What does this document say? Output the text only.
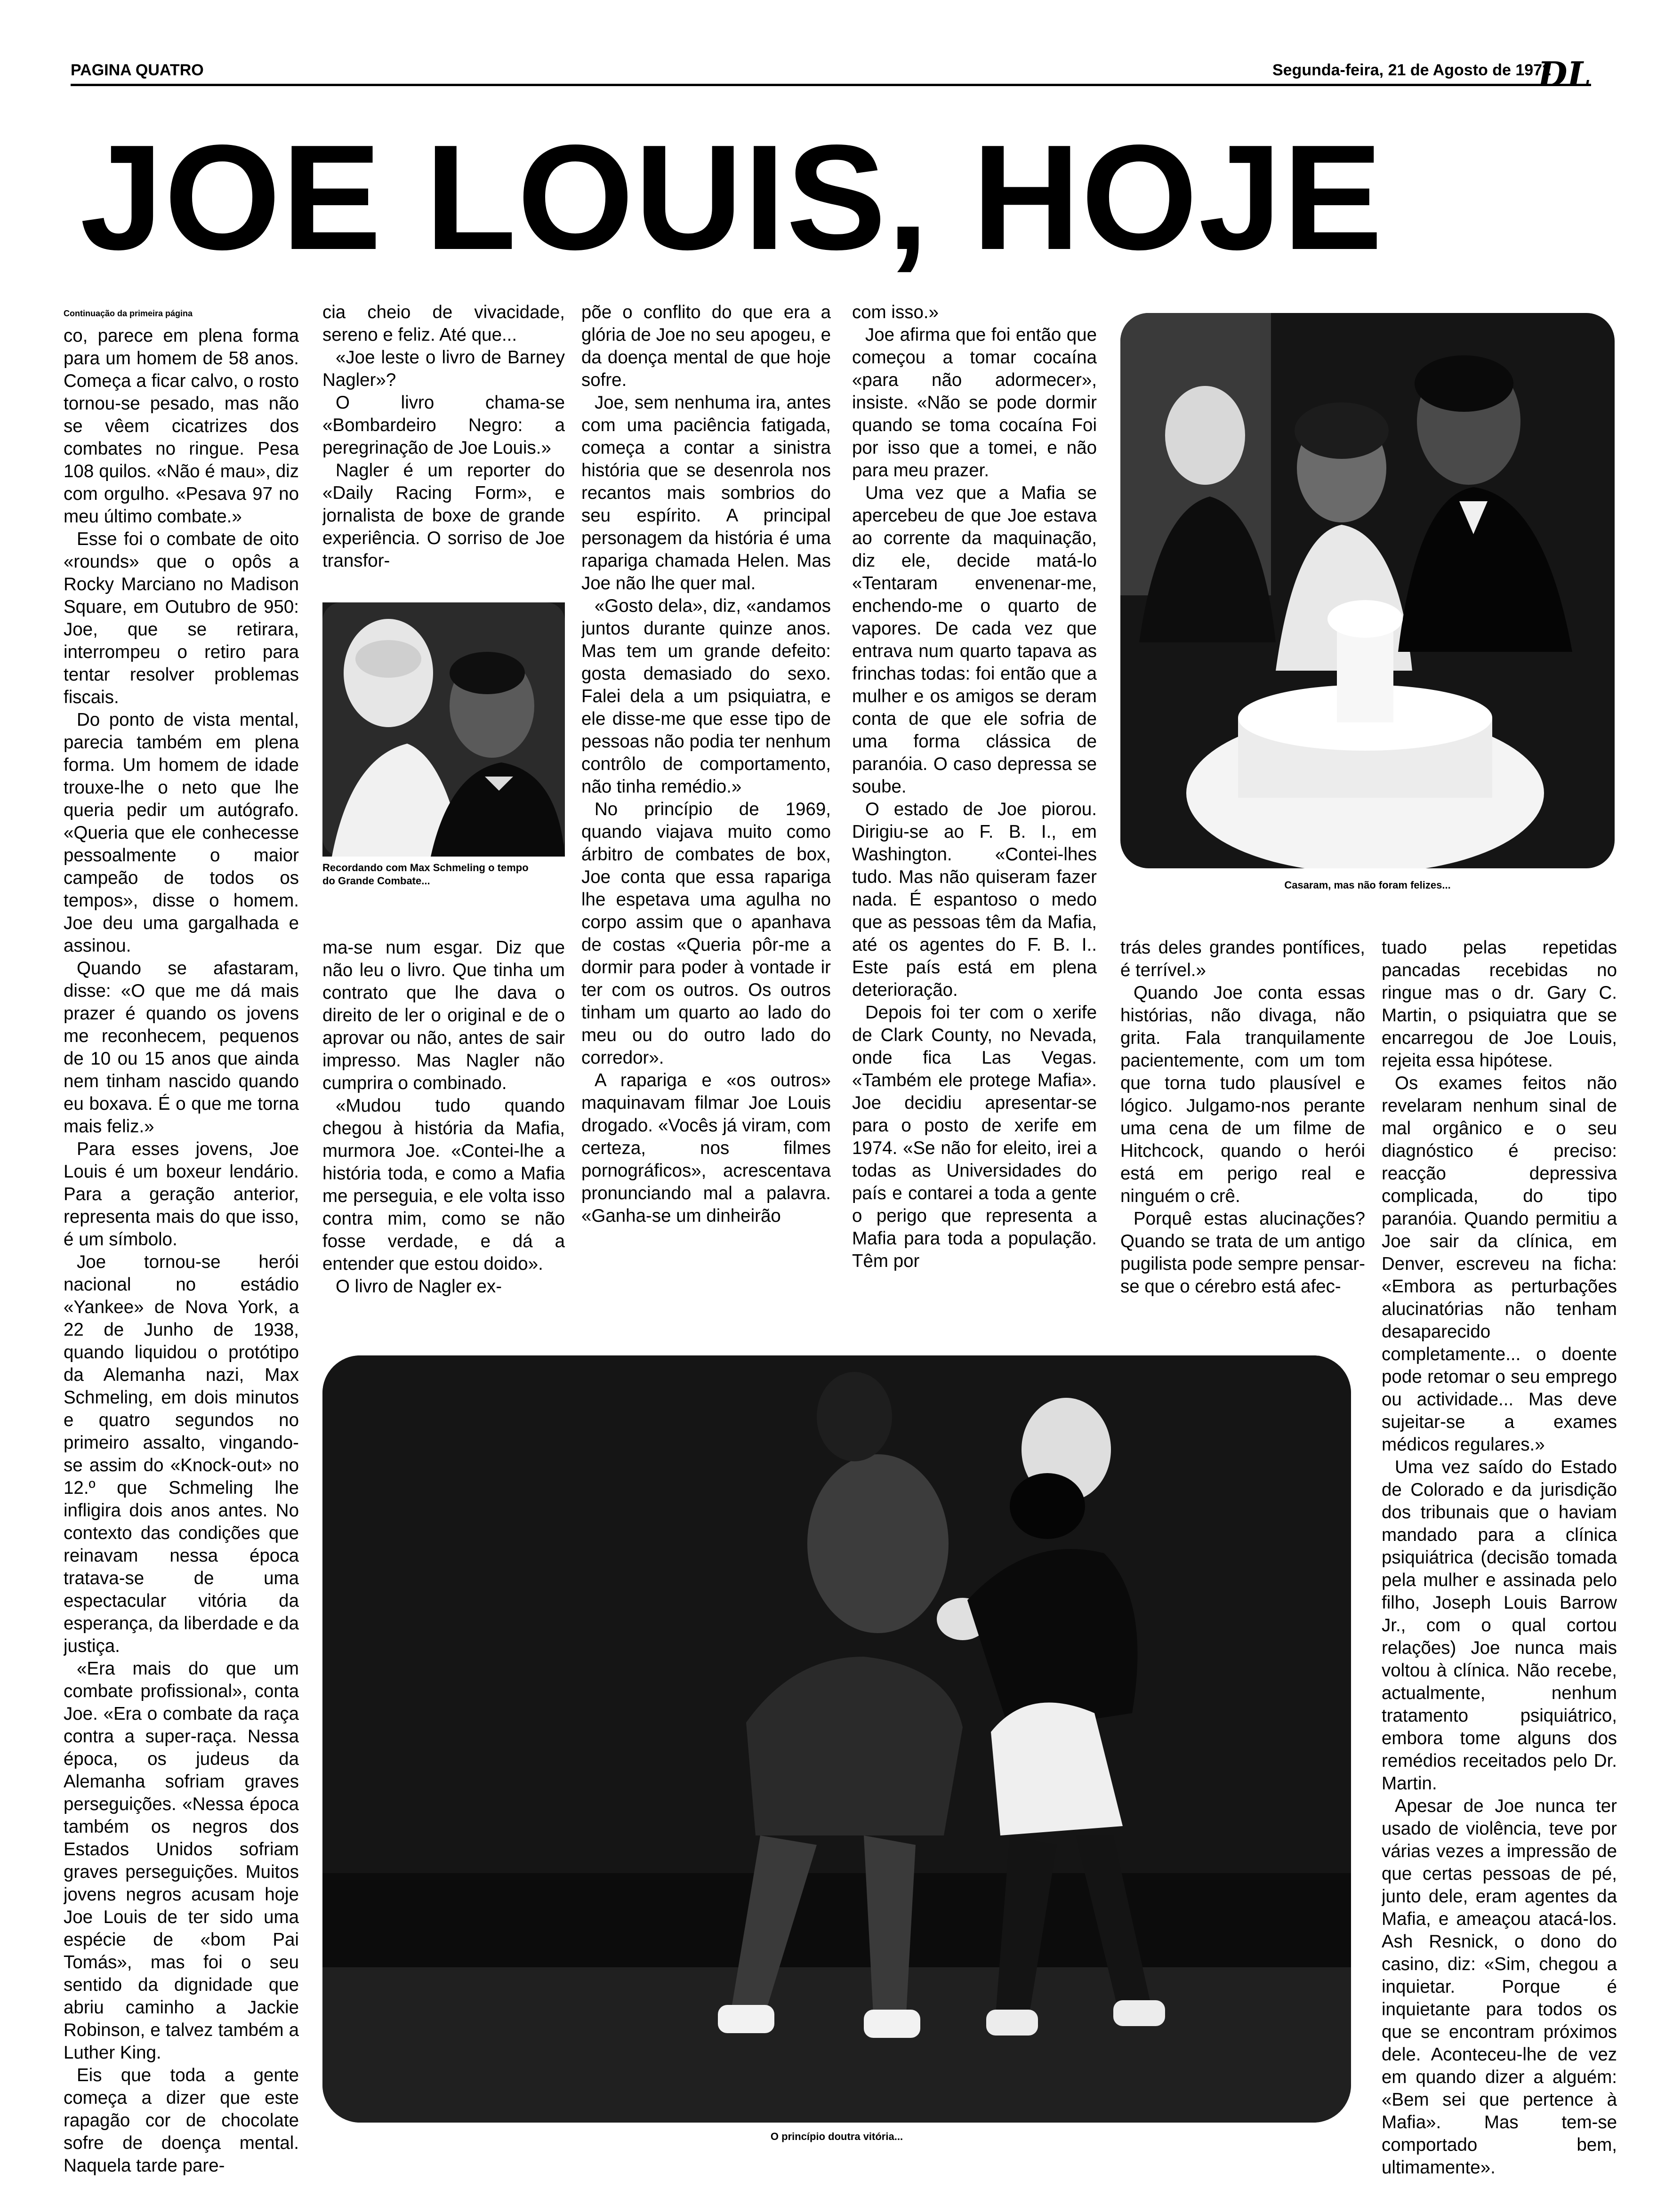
PAGINA QUATRO	Segunda-feira, 21 de Agosto de 1972
DL
JOE LOUIS, HOJE
Continuação da primeira página

co, parece em plena forma para um homem de 58 anos. Começa a ficar calvo, o rosto tornou-se pesado, mas não se vêem cicatrizes dos combates no ringue. Pesa 108 quilos. «Não é mau», diz com orgulho. «Pesava 97 no meu último combate.»

Esse foi o combate de oito «rounds» que o opôs a Rocky Marciano no Madison Square, em Outubro de 950: Joe, que se retirara, interrompeu o retiro para tentar resolver problemas fiscais.

Do ponto de vista mental, parecia também em plena forma. Um homem de idade trouxe-lhe o neto que lhe queria pedir um autógrafo. «Queria que ele conhecesse pessoalmente o maior campeão de todos os tempos», disse o homem. Joe deu uma gargalhada e assinou.

Quando se afastaram, disse: «O que me dá mais prazer é quando os jovens me reconhecem, pequenos de 10 ou 15 anos que ainda nem tinham nascido quando eu boxava. É o que me torna mais feliz.»

Para esses jovens, Joe Louis é um boxeur lendário. Para a geração anterior, representa mais do que isso, é um símbolo.

Joe tornou-se herói nacional no estádio «Yankee» de Nova York, a 22 de Junho de 1938, quando liquidou o protótipo da Alemanha nazi, Max Schmeling, em dois minutos e quatro segundos no primeiro assalto, vingando-se assim do «Knock-out» no 12.º que Schmeling lhe infligira dois anos antes. No contexto das condições que reinavam nessa época tratava-se de uma espectacular vitória da esperança, da liberdade e da justiça.

«Era mais do que um combate profissional», conta Joe. «Era o combate da raça contra a super-raça. Nessa época, os judeus da Alemanha sofriam graves perseguições. «Nessa época também os negros dos Estados Unidos sofriam graves perseguições. Muitos jovens negros acusam hoje Joe Louis de ter sido uma espécie de «bom Pai Tomás», mas foi o seu sentido da dignidade que abriu caminho a Jackie Robinson, e talvez também a Luther King.

Eis que toda a gente começa a dizer que este rapagão cor de chocolate sofre de doença mental. Naquela tarde pare-

cia cheio de vivacidade, sereno e feliz. Até que...

«Joe leste o livro de Barney Nagler»?

O livro chama-se «Bombardeiro Negro: a peregrinação de Joe Louis.»

Nagler é um reporter do «Daily Racing Form», e jornalista de boxe de grande experiência. O sorriso de Joe transfor-

Recordando com Max Schmeling o tempo do Grande Combate...

ma-se num esgar. Diz que não leu o livro. Que tinha um contrato que lhe dava o direito de ler o original e de o aprovar ou não, antes de sair impresso. Mas Nagler não cumprira o combinado.

«Mudou tudo quando chegou à história da Mafia, murmora Joe. «Contei-lhe a história toda, e como a Mafia me perseguia, e ele volta isso contra mim, como se não fosse verdade, e dá a entender que estou doido».

O livro de Nagler ex-

põe o conflito do que era a glória de Joe no seu apogeu, e da doença mental de que hoje sofre.

Joe, sem nenhuma ira, antes com uma paciência fatigada, começa a contar a sinistra história que se desenrola nos recantos mais sombrios do seu espírito. A principal personagem da história é uma rapariga chamada Helen. Mas Joe não lhe quer mal.

«Gosto dela», diz, «andamos juntos durante quinze anos. Mas tem um grande defeito: gosta demasiado do sexo. Falei dela a um psiquiatra, e ele disse-me que esse tipo de pessoas não podia ter nenhum contrôlo de comportamento, não tinha remédio.»

No princípio de 1969, quando viajava muito como árbitro de combates de box, Joe conta que essa rapariga lhe espetava uma agulha no corpo assim que o apanhava de costas «Queria pôr-me a dormir para poder à vontade ir ter com os outros. Os outros tinham um quarto ao lado do meu ou do outro lado do corredor».

A rapariga e «os outros» maquinavam filmar Joe Louis drogado. «Vocês já viram, com certeza, nos filmes pornográficos», acrescentava pronunciando mal a palavra. «Ganha-se um dinheirão

com isso.»

Joe afirma que foi então que começou a tomar cocaína «para não adormecer», insiste. «Não se pode dormir quando se toma cocaína Foi por isso que a tomei, e não para meu prazer.

Uma vez que a Mafia se apercebeu de que Joe estava ao corrente da maquinação, diz ele, decide matá-lo «Tentaram envenenar-me, enchendo-me o quarto de vapores. De cada vez que entrava num quarto tapava as frinchas todas: foi então que a mulher e os amigos se deram conta de que ele sofria de uma forma clássica de paranóia. O caso depressa se soube.

O estado de Joe piorou. Dirigiu-se ao F. B. I., em Washington. «Contei-lhes tudo. Mas não quiseram fazer nada. É espantoso o medo que as pessoas têm da Mafia, até os agentes do F. B. I.. Este país está em plena deterioração.

Depois foi ter com o xerife de Clark County, no Nevada, onde fica Las Vegas. «Também ele protege Mafia». Joe decidiu apresentar-se para o posto de xerife em 1974. «Se não for eleito, irei a todas as Universidades do país e contarei a toda a gente o perigo que representa a Mafia para toda a população. Têm por

Casaram, mas não foram felizes...

trás deles grandes pontífices, é terrível.»

Quando Joe conta essas histórias, não divaga, não grita. Fala tranquilamente pacientemente, com um tom que torna tudo plausível e lógico. Julgamo-nos perante uma cena de um filme de Hitchcock, quando o herói está em perigo real e ninguém o crê.

Porquê estas alucinações? Quando se trata de um antigo pugilista pode sempre pensar-se que o cérebro está afec-

tuado pelas repetidas pancadas recebidas no ringue mas o dr. Gary C. Martin, o psiquiatra que se encarregou de Joe Louis, rejeita essa hipótese.

Os exames feitos não revelaram nenhum sinal de mal orgânico e o seu diagnóstico é preciso: reacção depressiva complicada, do tipo paranóia. Quando permitiu a Joe sair da clínica, em Denver, escreveu na ficha: «Embora as perturbações alucinatórias não tenham desaparecido completamente... o doente pode retomar o seu emprego ou actividade... Mas deve sujeitar-se a exames médicos regulares.»

Uma vez saído do Estado de Colorado e da jurisdição dos tribunais que o haviam mandado para a clínica psiquiátrica (decisão tomada pela mulher e assinada pelo filho, Joseph Louis Barrow Jr., com o qual cortou relações) Joe nunca mais voltou à clínica. Não recebe, actualmente, nenhum tratamento psiquiátrico, embora tome alguns dos remédios receitados pelo Dr. Martin.

Apesar de Joe nunca ter usado de violência, teve por várias vezes a impressão de que certas pessoas de pé, junto dele, eram agentes da Mafia, e ameaçou atacá-los. Ash Resnick, o dono do casino, diz: «Sim, chegou a inquietar. Porque é inquietante para todos os que se encontram próximos dele. Aconteceu-lhe de vez em quando dizer a alguém: «Bem sei que pertence à Mafia». Mas tem-se comportado bem, ultimamente».

O princípio doutra vitória...
